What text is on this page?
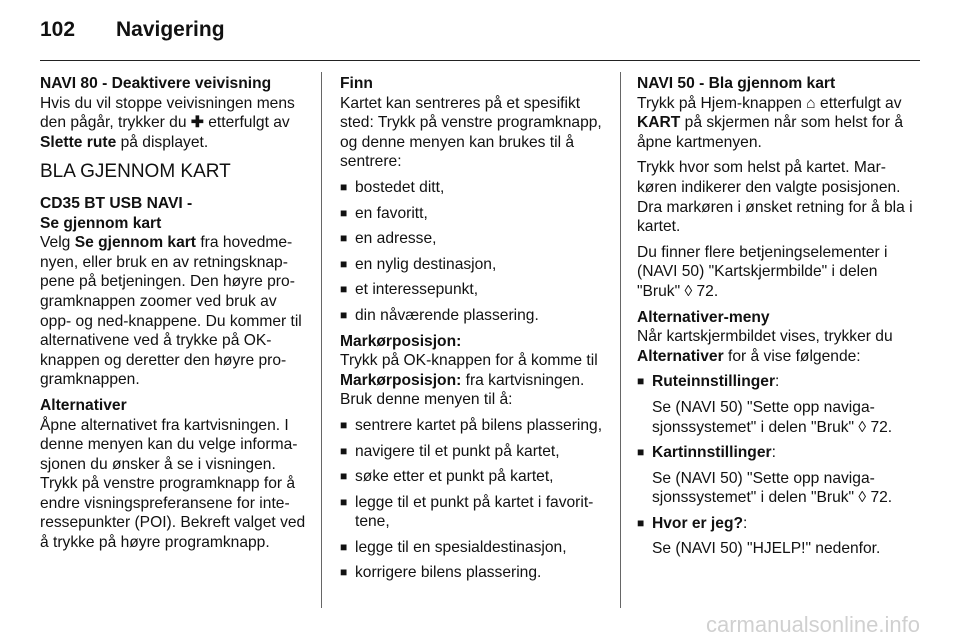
102 Navigering

NAVI 80 - Deaktivere veivisning

Hvis du vil stoppe veivisningen mens den pågår, trykker du ✚ etterfulgt av Slette rute på displayet.

BLA GJENNOM KART

CD35 BT USB NAVI -

Se gjennom kart

Velg Se gjennom kart fra hovedmenyen, eller bruk en av retningsknappene på betjeningen. Den høyre programknappen zoomer ved bruk av opp- og ned-knappene. Du kommer til alternativene ved å trykke på OK-knappen og deretter den høyre programknappen.

Alternativer

Åpne alternativet fra kartvisningen. I denne menyen kan du velge informasjonen du ønsker å se i visningen. Trykk på venstre programknapp for å endre visningspreferansene for interessepunkter (POI). Bekreft valget ved å trykke på høyre programknapp.

Finn

Kartet kan sentreres på et spesifikt sted: Trykk på venstre programknapp, og denne menyen kan brukes til å sentrere:

■ bostedet ditt,
■ en favoritt,
■ en adresse,
■ en nylig destinasjon,
■ et interessepunkt,
■ din nåværende plassering.

Markørposisjon:

Trykk på OK-knappen for å komme til Markørposisjon: fra kartvisningen. Bruk denne menyen til å:

■ sentrere kartet på bilens plassering,
■ navigere til et punkt på kartet,
■ søke etter et punkt på kartet,
■ legge til et punkt på kartet i favorittene,
■ legge til en spesialdestinasjon,
■ korrigere bilens plassering.

NAVI 50 - Bla gjennom kart

Trykk på Hjem-knappen ⌂ etterfulgt av KART på skjermen når som helst for å åpne kartmenyen.

Trykk hvor som helst på kartet. Markøren indikerer den valgte posisjonen. Dra markøren i ønsket retning for å bla i kartet.

Du finner flere betjeningselementer i (NAVI 50) "Kartskjermbilde" i delen "Bruk" ◊ 72.

Alternativer-meny

Når kartskjermbildet vises, trykker du Alternativer for å vise følgende:

■ Ruteinnstillinger:
Se (NAVI 50) "Sette opp navigasjonssystemet" i delen "Bruk" ◊ 72.
■ Kartinnstillinger:
Se (NAVI 50) "Sette opp navigasjonssystemet" i delen "Bruk" ◊ 72.
■ Hvor er jeg?:
Se (NAVI 50) "HJELP!" nedenfor.
carmanualsonline.info
